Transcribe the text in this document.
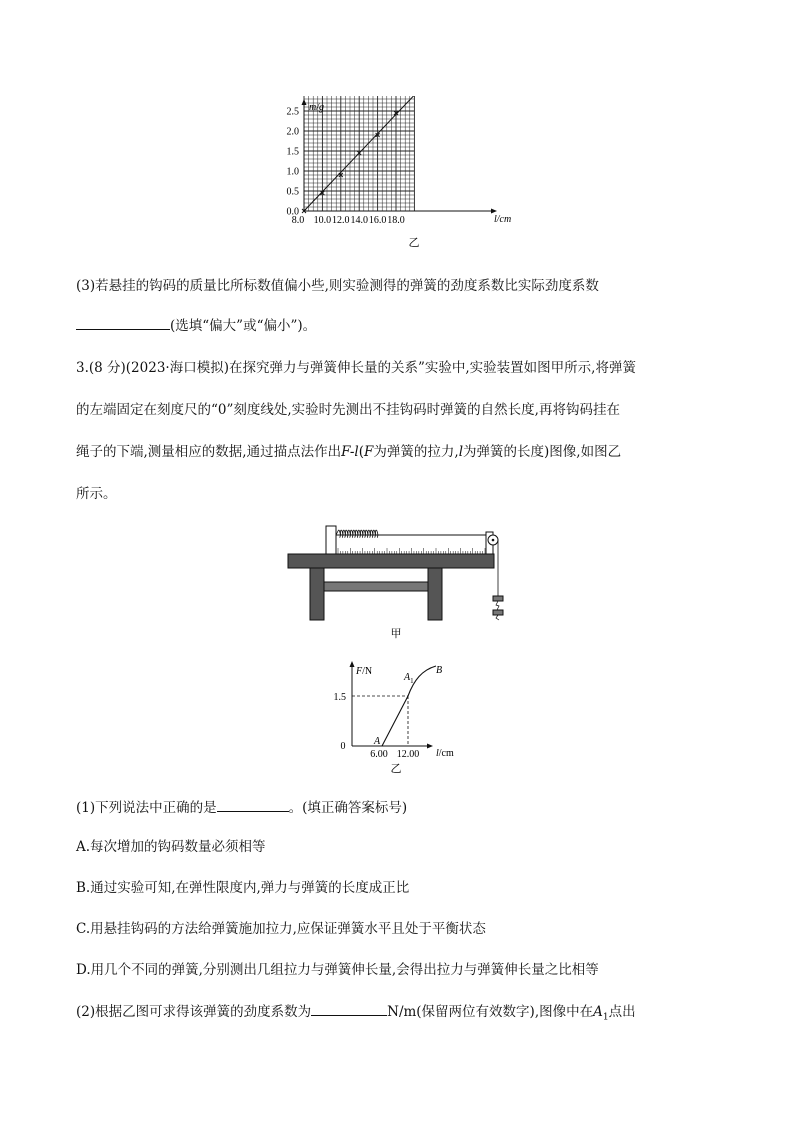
m/g
l/cm
0.0
0.5
1.0
1.5
2.0
2.5
8.0 10.0 12.0 14.0 16.0 18.0
乙
(3)若悬挂的钩码的质量比所标数值偏小些,则实验测得的弹簧的劲度系数比实际劲度系数
(选填“偏大”或“偏小”)。
3.(8 分)(2023·海口模拟)在探究弹力与弹簧伸长量的关系”实验中,实验装置如图甲所示,将弹簧
的左端固定在刻度尺的“0”刻度线处,实验时先测出不挂钩码时弹簧的自然长度,再将钩码挂在
绳子的下端,测量相应的数据,通过描点法作出F-l(F为弹簧的拉力,l为弹簧的长度)图像,如图乙
所示。
甲
F/N
l/cm
0
1.5
A
$A_1$
B
6.00 12.00
乙
(1)下列说法中正确的是	。(填正确答案标号)
A.每次增加的钩码数量必须相等
B.通过实验可知,在弹性限度内,弹力与弹簧的长度成正比
C.用悬挂钩码的方法给弹簧施加拉力,应保证弹簧水平且处于平衡状态
D.用几个不同的弹簧,分别测出几组拉力与弹簧伸长量,会得出拉力与弹簧伸长量之比相等
(2)根据乙图可求得该弹簧的劲度系数为	N/m(保留两位有效数字),图像中在$A_1$点出
